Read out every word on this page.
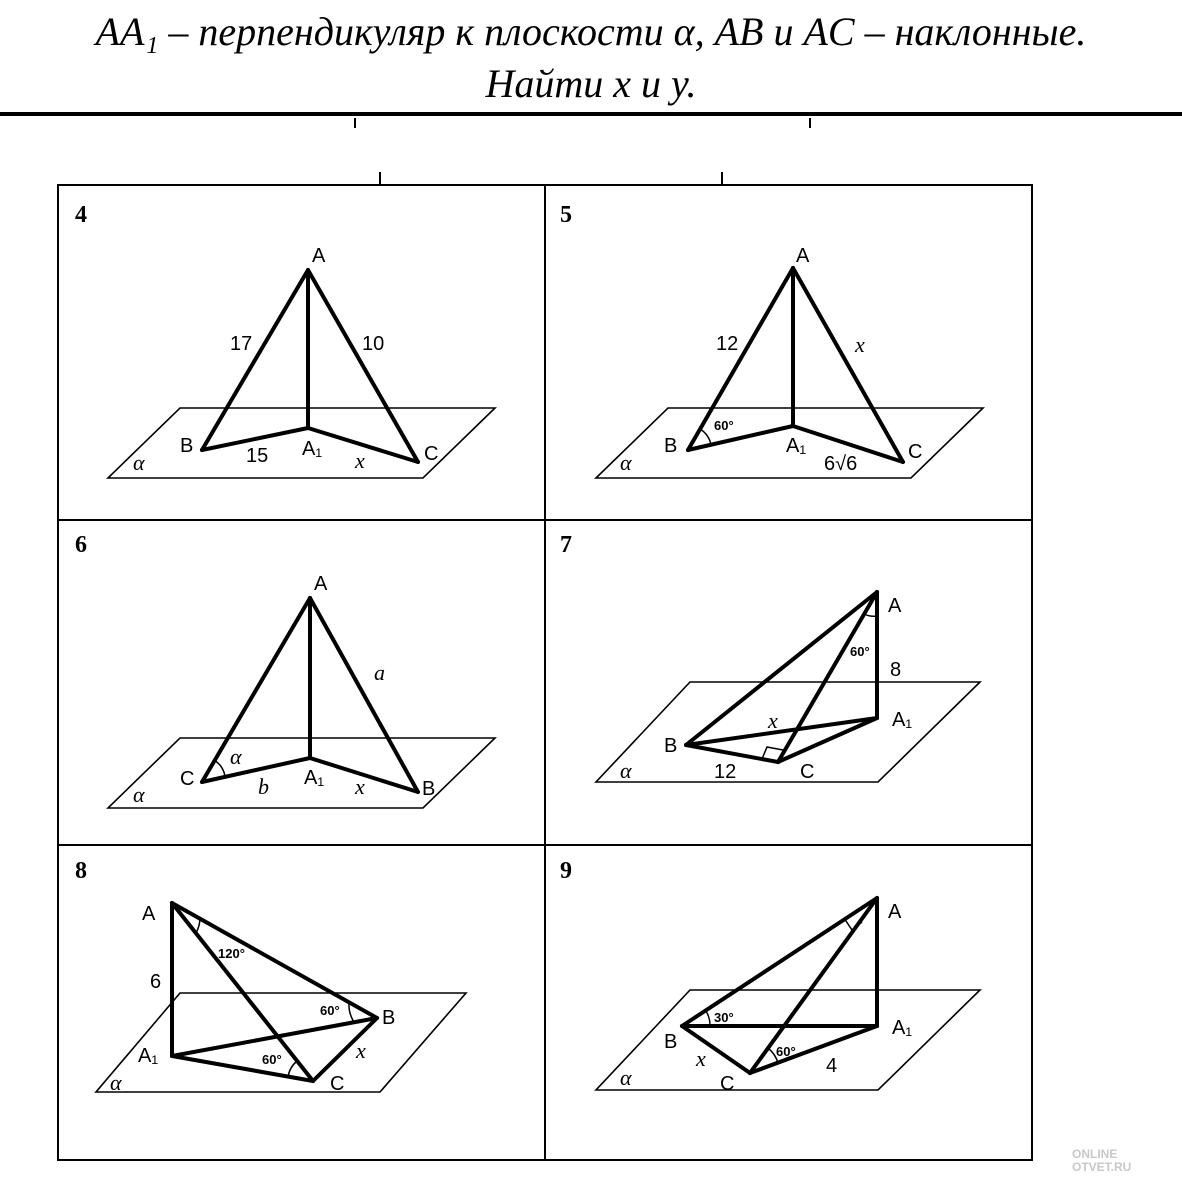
AA₁ – перпендикуляр к плоскости α, AB и AC – наклонные.
Найти x и y.
4
α
A
B	C
A₁
17	10
15	x
5
α
A
B	C
A₁
12	x
6√6
60°
6
α
A
C	B
A₁
a
b	x
α
7
α
A
B
C
A₁
8
x
12
60°
8
α
A
B
C
A₁
6
x
120°
60°
60°
9
α
A
B
C
A₁
x	4
30°
60°
ONLINE
OTVET.RU
